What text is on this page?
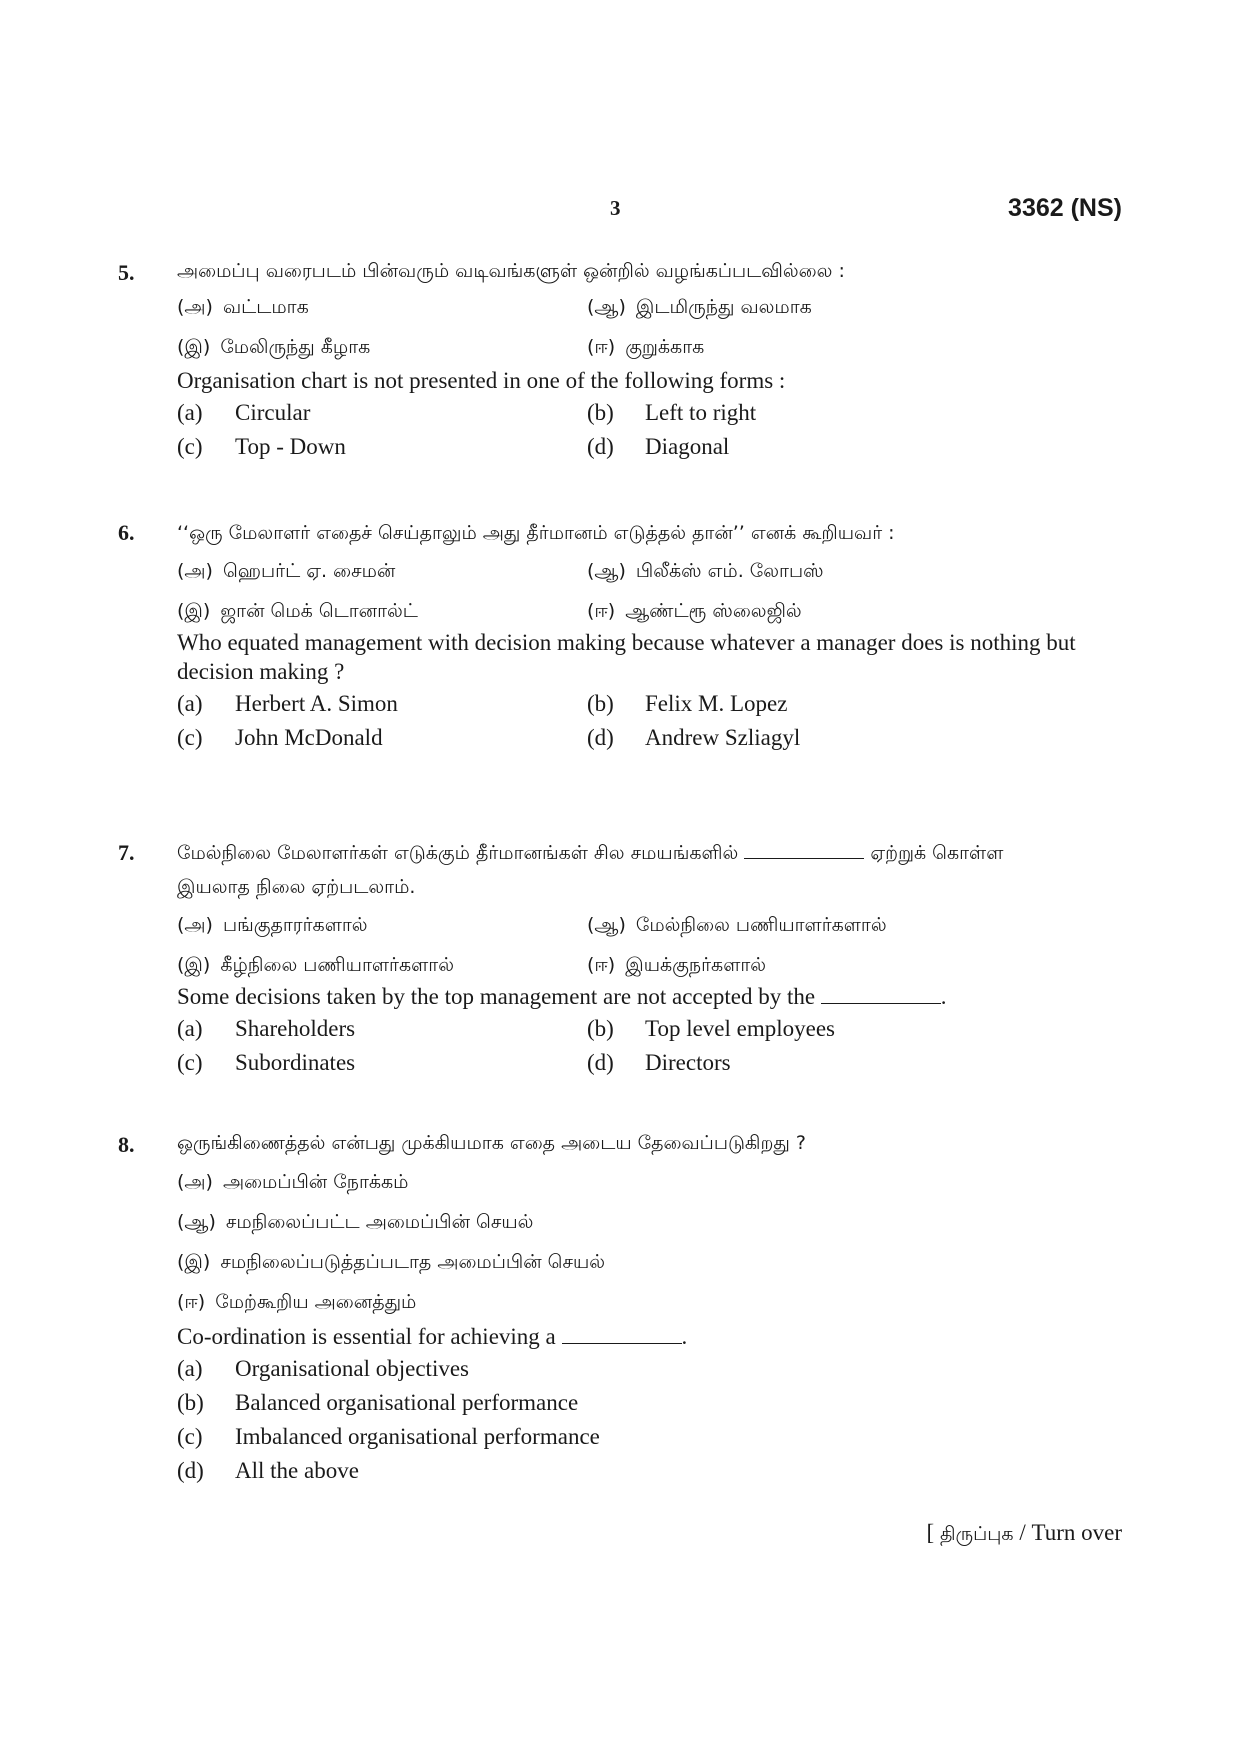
3	3362 (NS)
5. அமைப்பு வரைபடம் பின்வரும் வடிவங்களுள் ஒன்றில் வழங்கப்படவில்லை :

(அ) வட்டமாக	(ஆ) இடமிருந்து வலமாக
(இ) மேலிருந்து கீழாக	(ஈ) குறுக்காக

Organisation chart is not presented in one of the following forms :

(a)	Circular	(b)	Left to right
(c)	Top - Down	(d)	Diagonal
6. ‘‘ஒரு மேலாளர் எதைச் செய்தாலும் அது தீர்மானம் எடுத்தல் தான்’’ எனக் கூறியவர் :

(அ) ஹெபர்ட் ஏ. சைமன்	(ஆ) பிலீக்ஸ் எம். லோபஸ்
(இ) ஜான் மெக் டொனால்ட்	(ஈ) ஆண்ட்ரூ ஸ்லைஜில்

Who equated management with decision making because whatever a manager does is nothing but decision making ?

(a)	Herbert A. Simon	(b)	Felix M. Lopez
(c)	John McDonald	(d)	Andrew Szliagyl
7. மேல்நிலை மேலாளர்கள் எடுக்கும் தீர்மானங்கள் சில சமயங்களில்	ஏற்றுக் கொள்ள இயலாத நிலை ஏற்படலாம்.

(அ) பங்குதாரர்களால்	(ஆ) மேல்நிலை பணியாளர்களால்
(இ) கீழ்நிலை பணியாளர்களால்	(ஈ) இயக்குநர்களால்

Some decisions taken by the top management are not accepted by the	.

(a)	Shareholders	(b)	Top level employees
(c)	Subordinates	(d)	Directors
8. ஒருங்கிணைத்தல் என்பது முக்கியமாக எதை அடைய தேவைப்படுகிறது ?

(அ) அமைப்பின் நோக்கம்
(ஆ) சமநிலைப்பட்ட அமைப்பின் செயல்
(இ) சமநிலைப்படுத்தப்படாத அமைப்பின் செயல்
(ஈ) மேற்கூறிய அனைத்தும்

Co-ordination is essential for achieving a	.

(a)	Organisational objectives
(b)	Balanced organisational performance
(c)	Imbalanced organisational performance
(d)	All the above
[ திருப்புக / Turn over
